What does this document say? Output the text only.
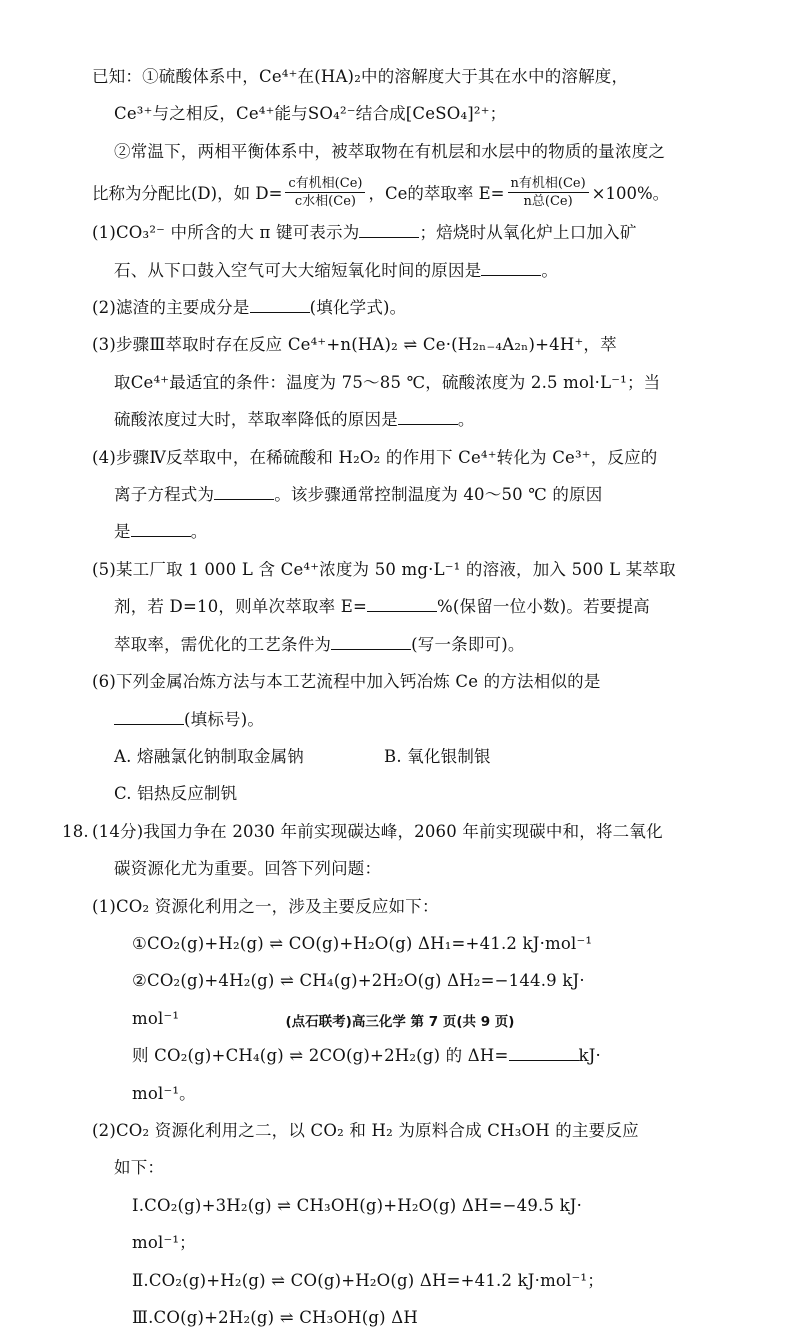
已知：①硫酸体系中，Ce⁴⁺在(HA)₂中的溶解度大于其在水中的溶解度，
Ce³⁺与之相反，Ce⁴⁺能与SO₄²⁻结合成[CeSO₄]²⁺；
②常温下，两相平衡体系中，被萃取物在有机层和水层中的物质的量浓度之
比称为分配比(D)，如 $D= \frac{\text{c有机相(Ce)}}{\text{c水相(Ce)}}$ ，Ce的萃取率 $E= \frac{\text{n有机相(Ce)}}{\text{n总(Ce)}} \times 100\%$。
(1)CO₃²⁻ 中所含的大 π 键可表示为	；焙烧时从氧化炉上口加入矿
石、从下口鼓入空气可大大缩短氧化时间的原因是	。
(2)滤渣的主要成分是	(填化学式)。
(3)步骤Ⅲ萃取时存在反应 Ce⁴⁺+n(HA)₂ ⇌ Ce·(H₂ₙ₋₄A₂ₙ)+4H⁺，萃
取Ce⁴⁺最适宜的条件：温度为 75～85 ℃，硫酸浓度为 2.5 mol·L⁻¹；当
硫酸浓度过大时，萃取率降低的原因是	。
(4)步骤Ⅳ反萃取中，在稀硫酸和 H₂O₂ 的作用下 Ce⁴⁺转化为 Ce³⁺，反应的
离子方程式为	。该步骤通常控制温度为 40～50 ℃ 的原因
是	。
(5)某工厂取 1 000 L 含 Ce⁴⁺浓度为 50 mg·L⁻¹ 的溶液，加入 500 L 某萃取
剂，若 D=10，则单次萃取率 E=	%(保留一位小数)。若要提高
萃取率，需优化的工艺条件为	(写一条即可)。
(6)下列金属冶炼方法与本工艺流程中加入钙冶炼 Ce 的方法相似的是
(填标号)。
A. 熔融氯化钠制取金属钠	B. 氧化银制银
C. 铝热反应制钒
18. (14分)我国力争在 2030 年前实现碳达峰，2060 年前实现碳中和，将二氧化
碳资源化尤为重要。回答下列问题：
(1)CO₂ 资源化利用之一，涉及主要反应如下：
①CO₂(g)+H₂(g) ⇌ CO(g)+H₂O(g) ΔH₁=+41.2 kJ·mol⁻¹
②CO₂(g)+4H₂(g) ⇌ CH₄(g)+2H₂O(g) ΔH₂=−144.9 kJ·
mol⁻¹
则 CO₂(g)+CH₄(g) ⇌ 2CO(g)+2H₂(g) 的 ΔH=	kJ·
mol⁻¹。
(2)CO₂ 资源化利用之二，以 CO₂ 和 H₂ 为原料合成 CH₃OH 的主要反应
如下：
Ⅰ.CO₂(g)+3H₂(g) ⇌ CH₃OH(g)+H₂O(g) ΔH=−49.5 kJ·
mol⁻¹；
Ⅱ.CO₂(g)+H₂(g) ⇌ CO(g)+H₂O(g) ΔH=+41.2 kJ·mol⁻¹；
Ⅲ.CO(g)+2H₂(g) ⇌ CH₃OH(g) ΔH
(点石联考)高三化学 第 7 页(共 9 页)
